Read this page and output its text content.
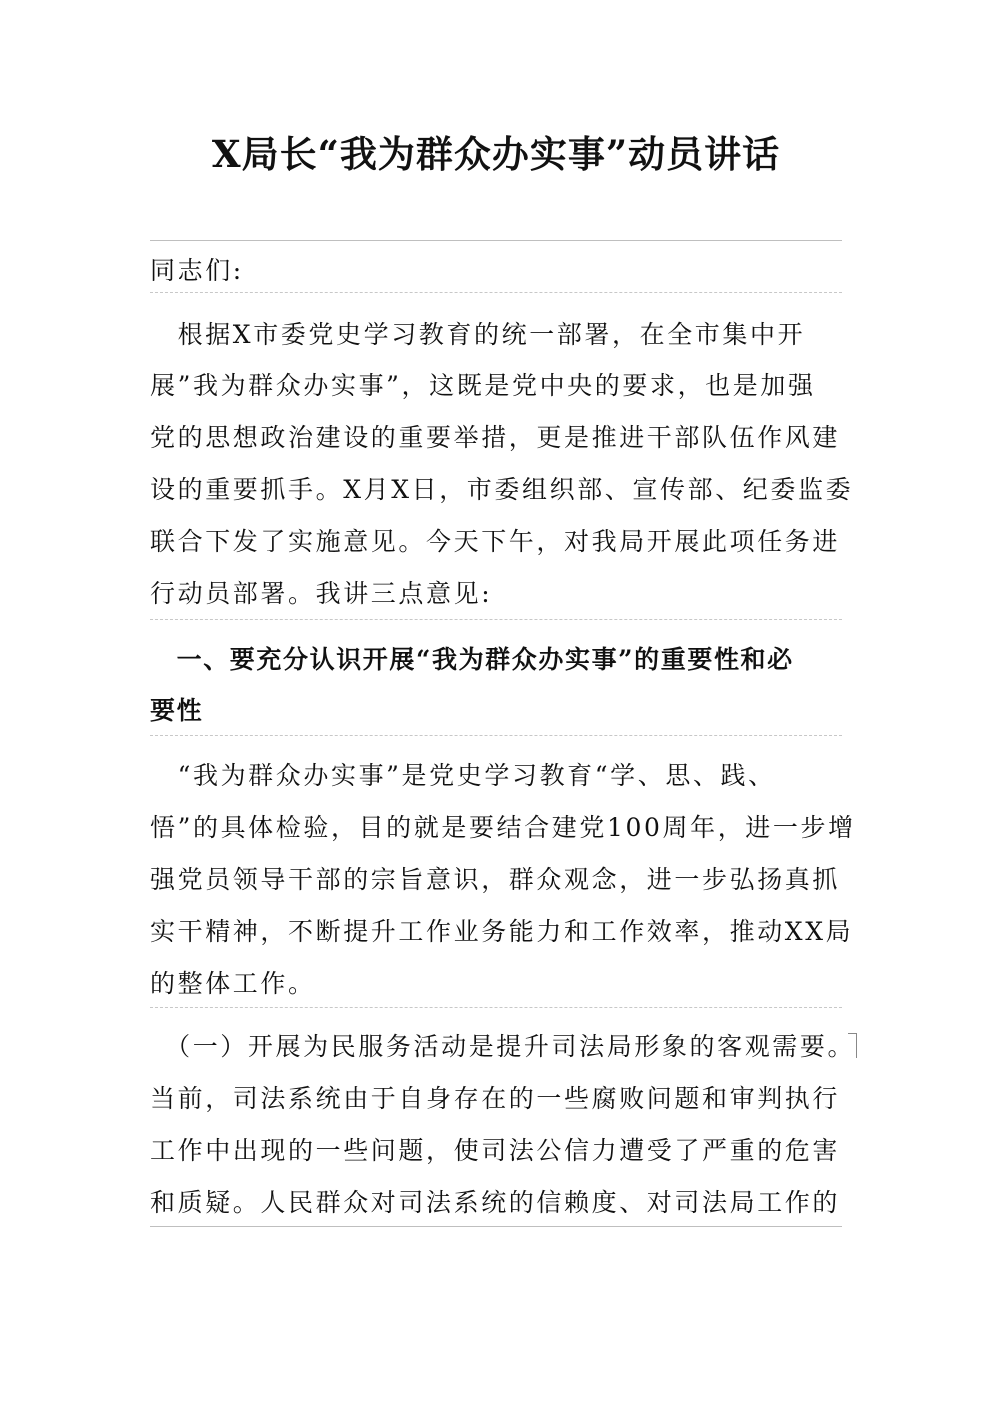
X局长“我为群众办实事”动员讲话
同志们:
　根据X市委党史学习教育的统一部署，在全市集中开
展”我为群众办实事”，这既是党中央的要求，也是加强
党的思想政治建设的重要举措，更是推进干部队伍作风建
设的重要抓手。X月X日，市委组织部、宣传部、纪委监委
联合下发了实施意见。今天下午，对我局开展此项任务进
行动员部署。我讲三点意见:
　一、要充分认识开展“我为群众办实事”的重要性和必
要性
　“我为群众办实事”是党史学习教育“学、思、践、
悟”的具体检验，目的就是要结合建党100周年，进一步增
强党员领导干部的宗旨意识，群众观念，进一步弘扬真抓
实干精神，不断提升工作业务能力和工作效率，推动XX局
的整体工作。
　（一）开展为民服务活动是提升司法局形象的客观需要。
当前，司法系统由于自身存在的一些腐败问题和审判执行
工作中出现的一些问题，使司法公信力遭受了严重的危害
和质疑。人民群众对司法系统的信赖度、对司法局工作的
